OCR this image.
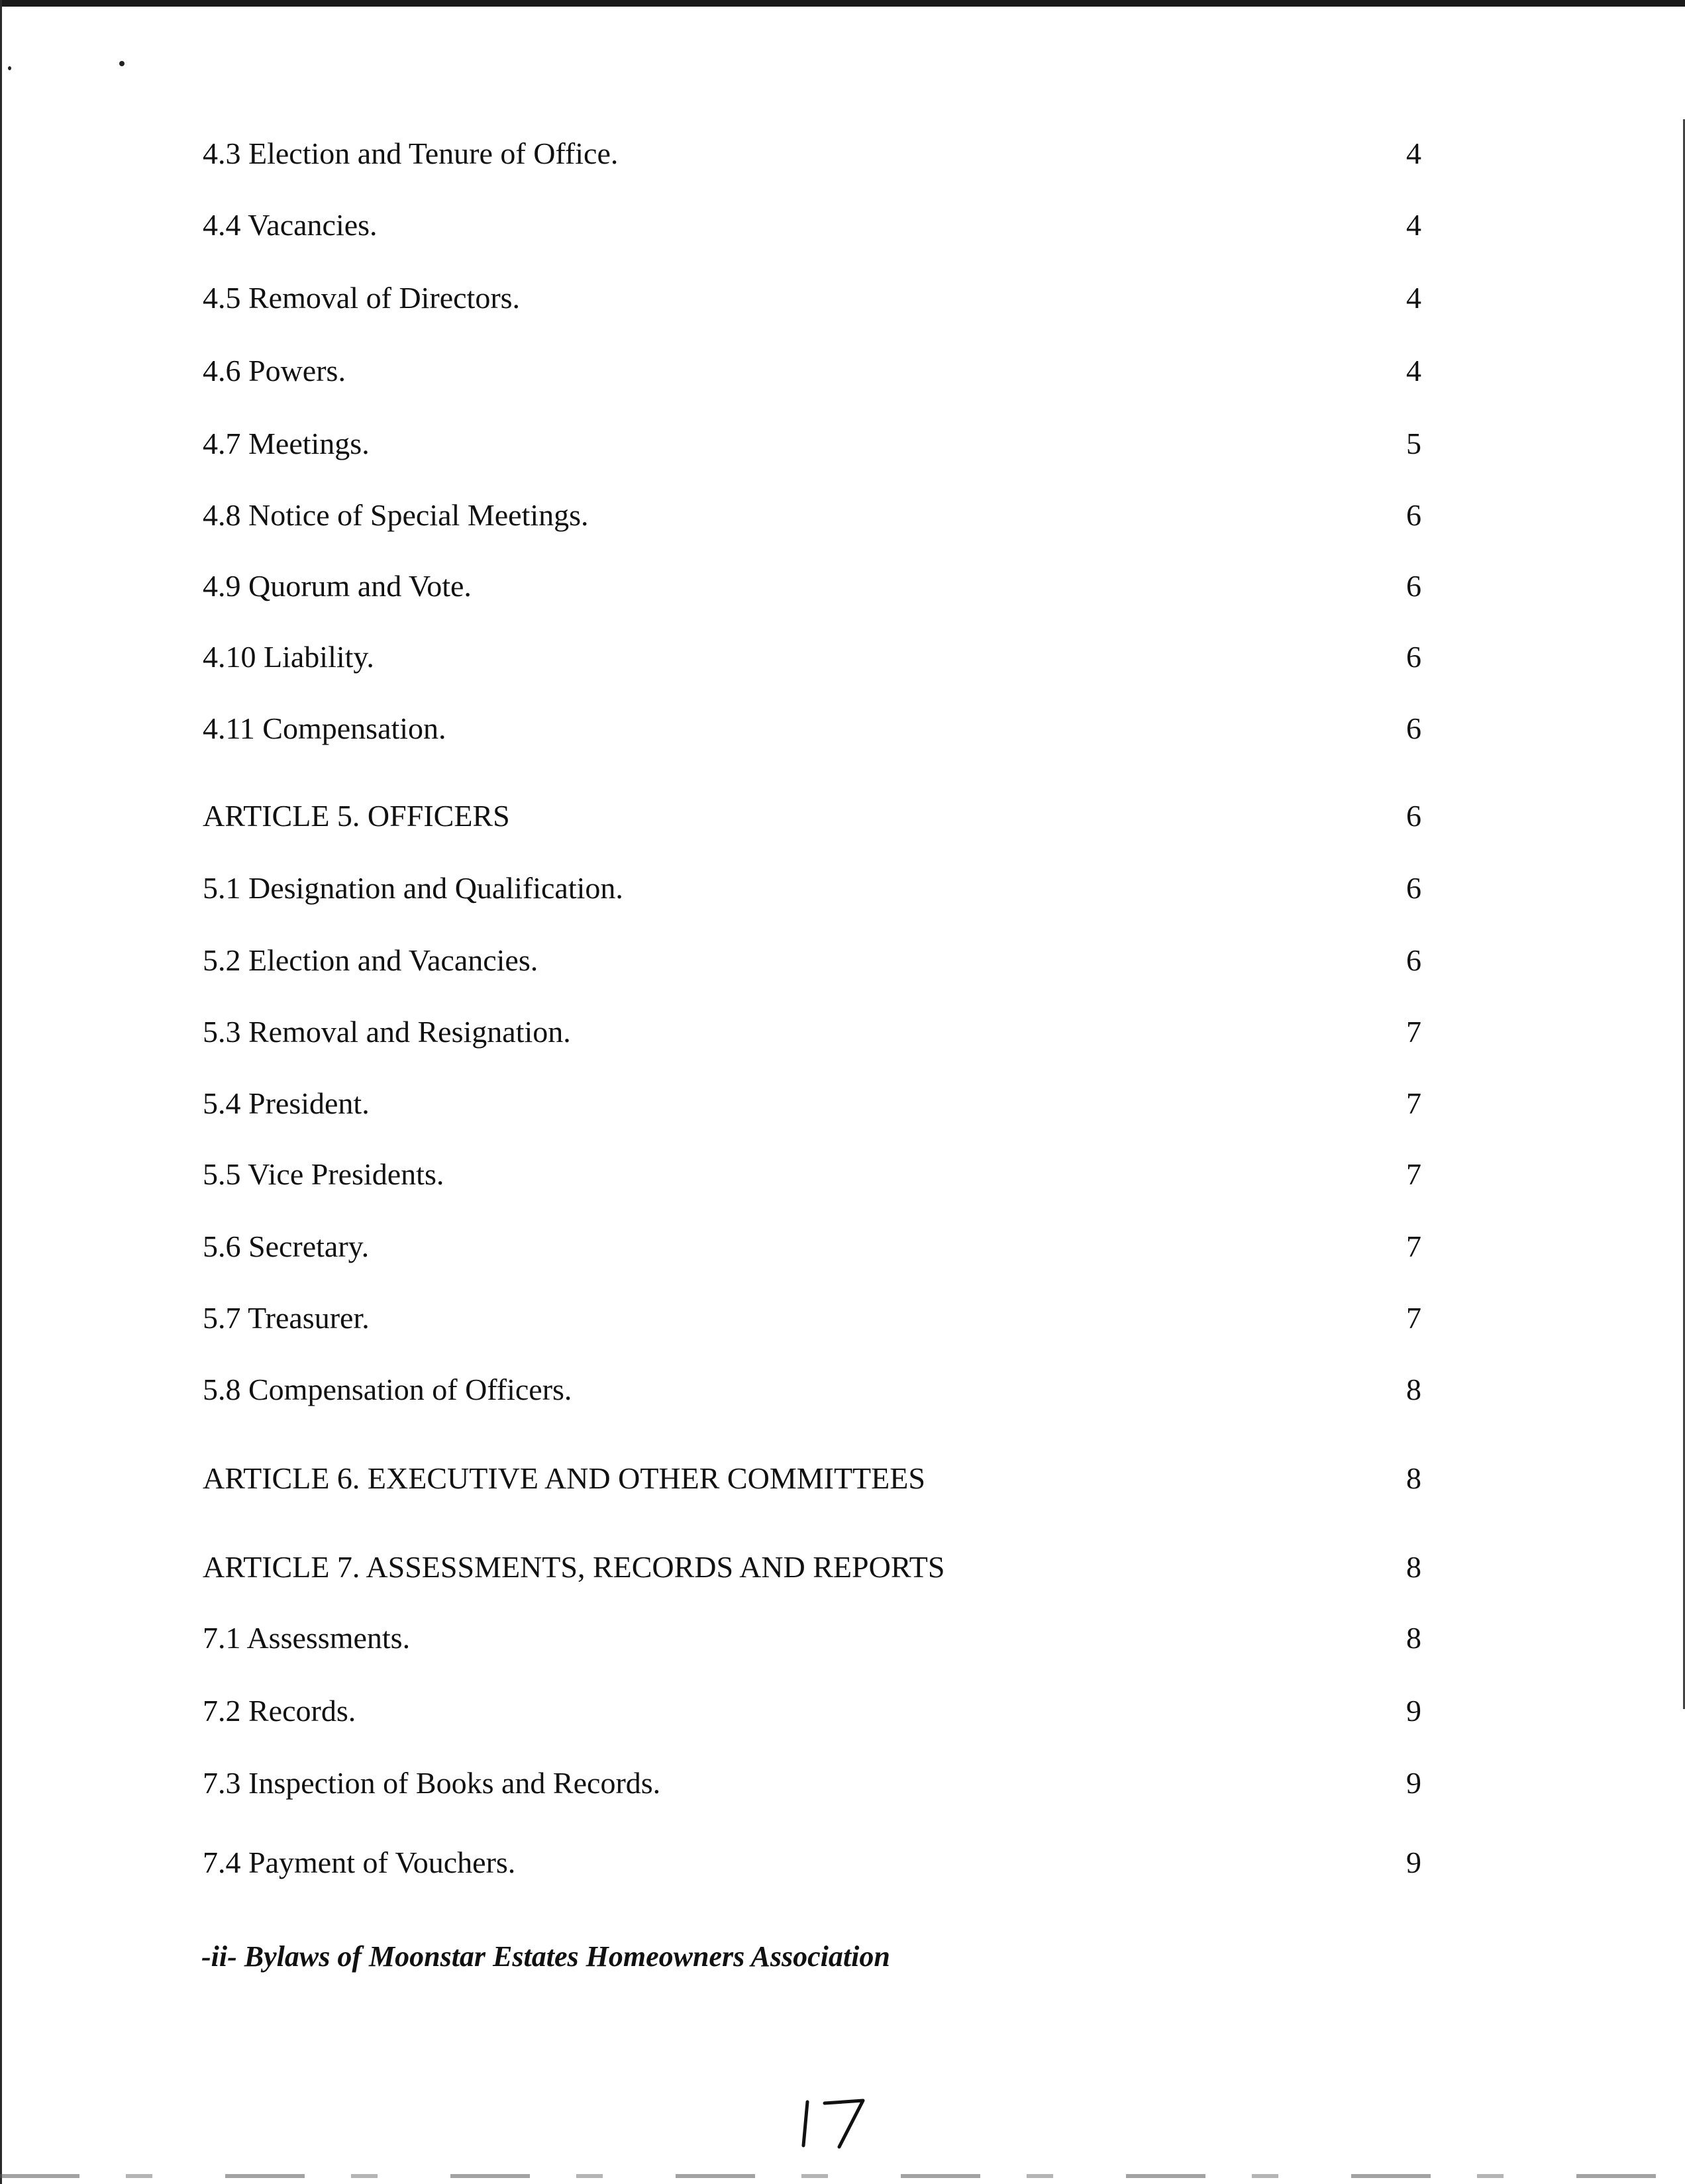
4.3 Election and Tenure of Office.	4
4.4 Vacancies.	4
4.5 Removal of Directors.	4
4.6 Powers.	4
4.7 Meetings.	5
4.8 Notice of Special Meetings.	6
4.9 Quorum and Vote.	6
4.10 Liability.	6
4.11 Compensation.	6
ARTICLE 5. OFFICERS	6
5.1 Designation and Qualification.	6
5.2 Election and Vacancies.	6
5.3 Removal and Resignation.	7
5.4 President.	7
5.5 Vice Presidents.	7
5.6 Secretary.	7
5.7 Treasurer.	7
5.8 Compensation of Officers.	8
ARTICLE 6. EXECUTIVE AND OTHER COMMITTEES	8
ARTICLE 7. ASSESSMENTS, RECORDS AND REPORTS	8
7.1 Assessments.	8
7.2 Records.	9
7.3 Inspection of Books and Records.	9
7.4 Payment of Vouchers.	9
-ii- Bylaws of Moonstar Estates Homeowners Association
